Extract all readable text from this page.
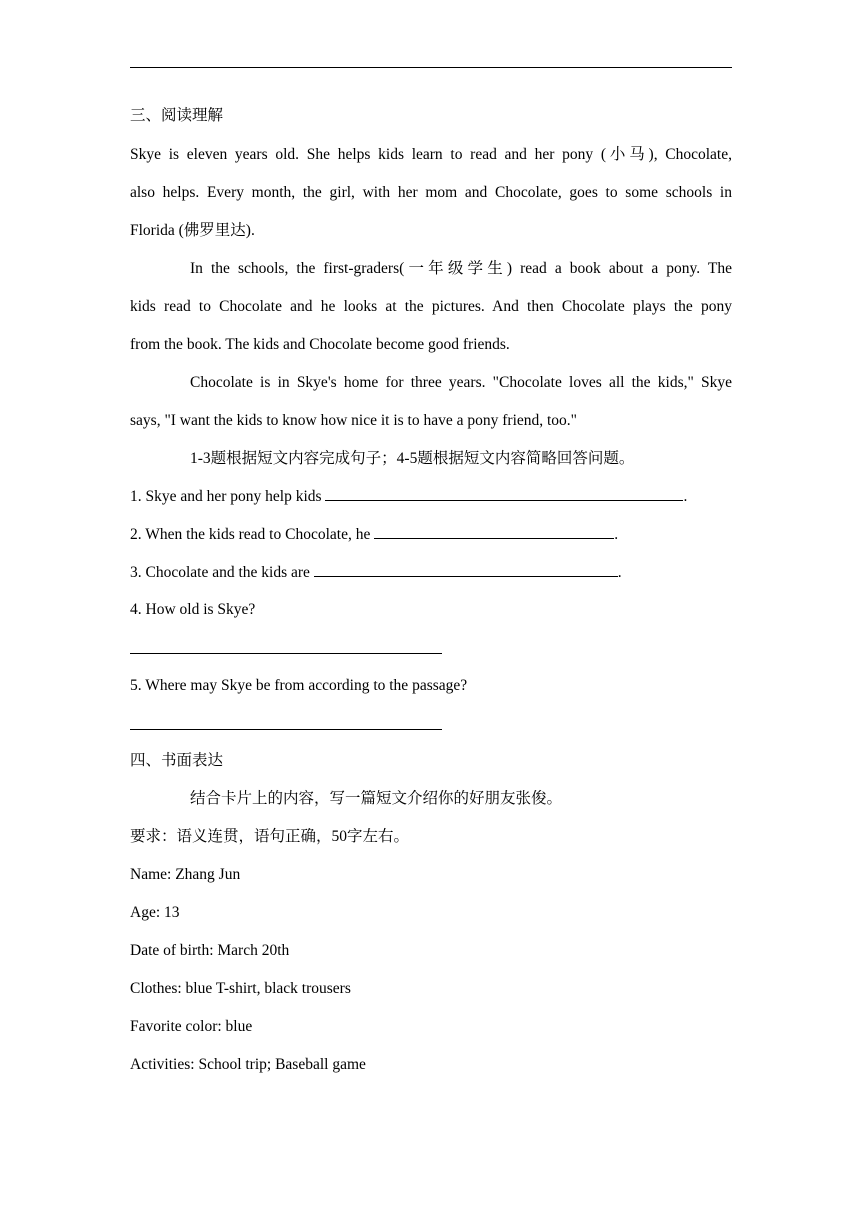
三、阅读理解
Skye is eleven years old. She helps kids learn to read and her pony (小马), Chocolate,
also helps. Every month, the girl, with her mom and Chocolate, goes to some schools in
Florida (佛罗里达).
In the schools, the first-graders(一年级学生) read a book about a pony. The
kids read to Chocolate and he looks at the pictures. And then Chocolate plays the pony
from the book. The kids and Chocolate become good friends.
Chocolate is in Skye's home for three years. "Chocolate loves all the kids," Skye
says, "I want the kids to know how nice it is to have a pony friend, too."
1-3题根据短文内容完成句子；4-5题根据短文内容简略回答问题。
1. Skye and her pony help kids	.
2. When the kids read to Chocolate, he	.
3. Chocolate and the kids are	.
4. How old is Skye?
5. Where may Skye be from according to the passage?
四、书面表达
结合卡片上的内容，写一篇短文介绍你的好朋友张俊。
要求：语义连贯，语句正确，50字左右。
Name: Zhang Jun
Age: 13
Date of birth: March 20th
Clothes: blue T-shirt, black trousers
Favorite color: blue
Activities: School trip; Baseball game
